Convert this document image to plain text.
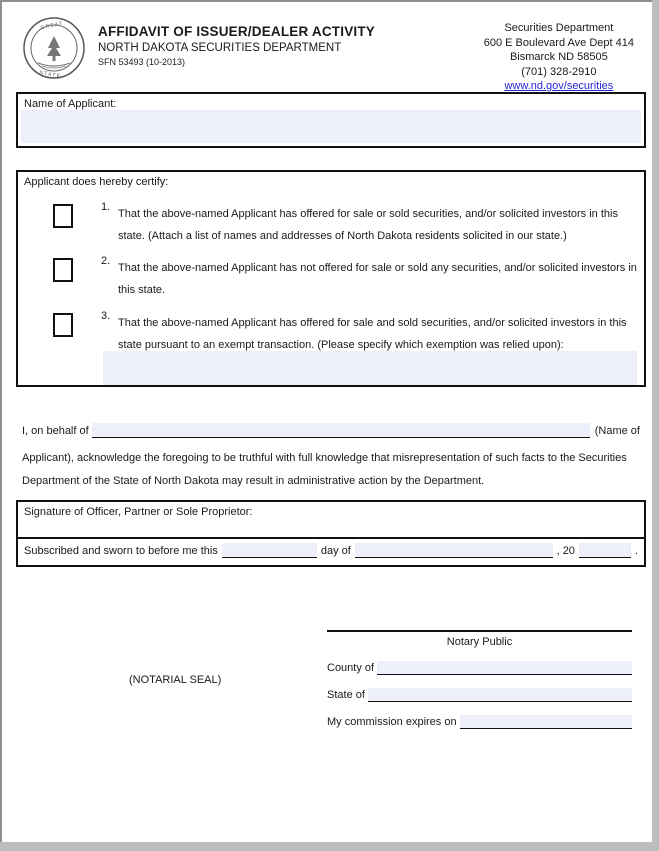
G R E A T
S T A T E
AFFIDAVIT OF ISSUER/DEALER ACTIVITY
NORTH DAKOTA SECURITIES DEPARTMENT
SFN 53493 (10-2013)
Securities Department
600 E Boulevard Ave Dept 414
Bismarck ND 58505
(701) 328-2910
www.nd.gov/securities
Name of Applicant:
Applicant does hereby certify:
1.
That the above-named Applicant has offered for sale or sold securities, and/or solicited investors in this state. (Attach a list of names and addresses of North Dakota residents solicited in our state.)
2.
That the above-named Applicant has not offered for sale or sold any securities, and/or solicited investors in this state.
3.
That the above-named Applicant has offered for sale and sold securities, and/or solicited investors in this state pursuant to an exempt transaction. (Please specify which exemption was relied upon):
I, on behalf of	(Name of
Applicant), acknowledge the foregoing to be truthful with full knowledge that misrepresentation of such facts to the Securities Department of the State of North Dakota may result in administrative action by the Department.
Signature of Officer, Partner or Sole Proprietor:
Subscribed and sworn to before me this	day of	, 20	.
(NOTARIAL SEAL)
Notary Public
County of
State of
My commission expires on
